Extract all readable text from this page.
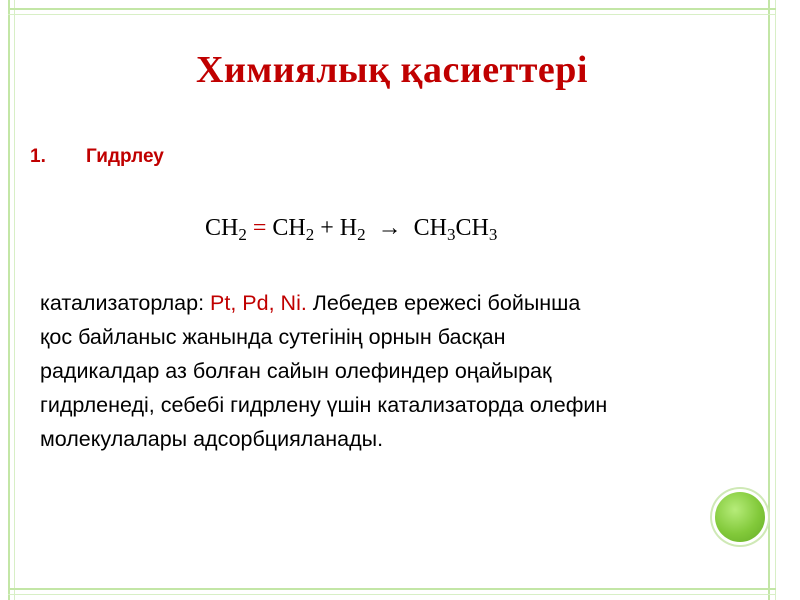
Химиялық қасиеттері
1. Гидрлеу
$CH_2 = CH_2 + H_2 \to CH_3CH_3$
катализаторлар: Pt, Pd, Ni. Лебедев ережесі бойынша
қос байланыс жанында сутегінің орнын басқан
радикалдар аз болған сайын олефиндер оңайырақ
гидрленеді, себебі гидрлену үшін катализаторда олефин
молекулалары адсорбцияланады.
